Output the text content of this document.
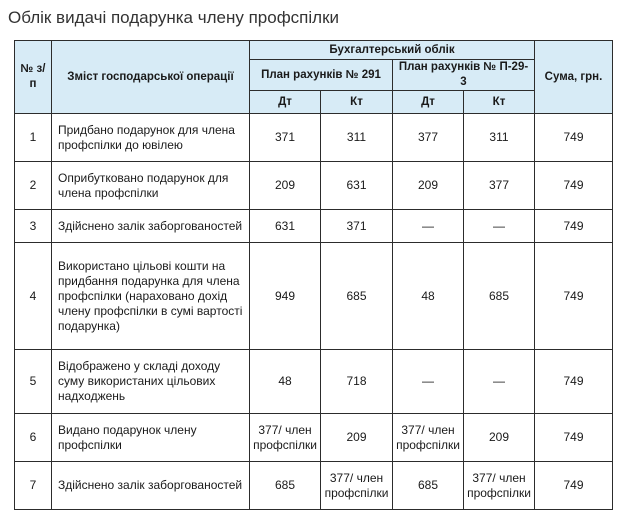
Облік видачі подарунка члену профспілки
№ з/п	Зміст господарської операції	Бухгалтерський облік				Сума, грн.
		План рахунків № 291		План рахунків № П-29-3		
		Дт	Кт	Дт	Кт	
1	Придбано подарунок для члена профспілки до ювілею	371	311	377	311	749
2	Оприбутковано подарунок для члена профспілки	209	631	209	377	749
3	Здійснено залік заборгованостей	631	371	—	—	749
4	Використано цільові кошти на придбання подарунка для члена профспілки (нараховано дохід члену профспілки в сумі вартості подарунка)	949	685	48	685	749
5	Відображено у складі доходу суму використаних цільових надходжень	48	718	—	—	749
6	Видано подарунок члену профспілки	377/ член профспілки	209	377/ член профспілки	209	749
7	Здійснено залік заборгованостей	685	377/ член профспілки	685	377/ член профспілки	749
